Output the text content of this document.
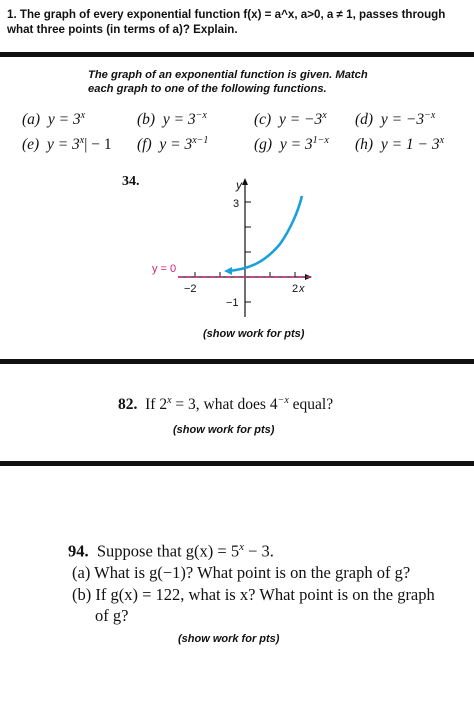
1. The graph of every exponential function f(x) = a^x, a>0, a ≠ 1, passes through what three points (in terms of a)? Explain.
The graph of an exponential function is given. Match each graph to one of the following functions.
(a) $y = 3^x$	(b) $y = 3^{-x}$	(c) $y = -3^x$ (d) $y = -3^{-x}$
(e) $y = 3^x| - 1$ (f) $y = 3^{x-1}$	(g) $y = 3^{1-x}$ (h) $y = 1 - 3^x$
34.	y
3
−2	2 x
−1
y = 0
(show work for pts)
82. If $2^x = 3$, what does $4^{-x}$ equal?
(show work for pts)
94. Suppose that $g(x) = 5^x - 3$.
(a) What is g(−1)? What point is on the graph of g?
(b) If g(x) = 122, what is x? What point is on the graph
of g?
(show work for pts)
